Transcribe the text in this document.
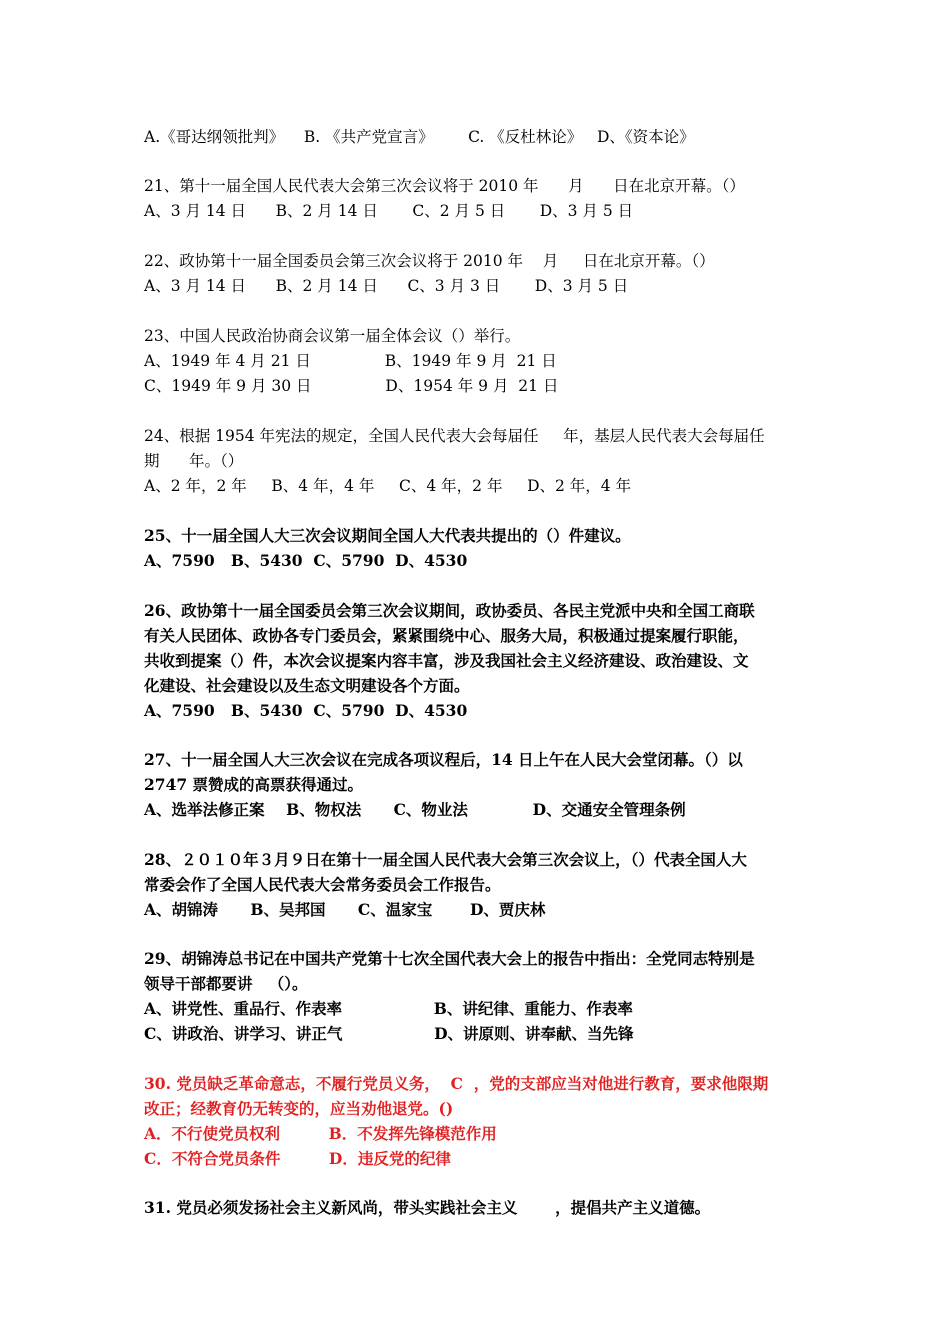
A.《哥达纲领批判》    B. 《共产党宣言》       C. 《反杜林论》   D、《资本论》
21、第十一届全国人民代表大会第三次会议将于 2010 年      月      日在北京开幕。（）
A、3 月 14 日      B、2 月 14 日       C、2 月 5 日       D、3 月 5 日
22、政协第十一届全国委员会第三次会议将于 2010 年    月     日在北京开幕。（）
A、3 月 14 日      B、2 月 14 日      C、3 月 3 日       D、3 月 5 日
23、中国人民政治协商会议第一届全体会议（）举行。
A、1949 年 4 月 21 日               B、1949 年 9 月  21 日
C、1949 年 9 月 30 日               D、1954 年 9 月  21 日
24、根据 1954 年宪法的规定，全国人民代表大会每届任     年，基层人民代表大会每届任
期      年。（）
A、2 年，2 年     B、4 年，4 年     C、4 年，2 年     D、2 年，4 年
25、十一届全国人大三次会议期间全国人大代表共提出的（）件建议。
A、7590   B、5430  C、5790  D、4530
26、政协第十一届全国委员会第三次会议期间，政协委员、各民主党派中央和全国工商联
有关人民团体、政协各专门委员会，紧紧围绕中心、服务大局，积极通过提案履行职能，
共收到提案（）件，本次会议提案内容丰富，涉及我国社会主义经济建设、政治建设、文
化建设、社会建设以及生态文明建设各个方面。
A、7590   B、5430  C、5790  D、4530
27、十一届全国人大三次会议在完成各项议程后，14 日上午在人民大会堂闭幕。（）以
2747 票赞成的高票获得通过。
A、选举法修正案    B、物权法      C、物业法            D、交通安全管理条例
28、２０１０年３月９日在第十一届全国人民代表大会第三次会议上，（）代表全国人大
常委会作了全国人民代表大会常务委员会工作报告。
A、胡锦涛      B、吴邦国      C、温家宝       D、贾庆林
29、胡锦涛总书记在中国共产党第十七次全国代表大会上的报告中指出：全党同志特别是
领导干部都要讲   （）。
A、讲党性、重品行、作表率                 B、讲纪律、重能力、作表率
C、讲政治、讲学习、讲正气                 D、讲原则、讲奉献、当先锋
30. 党员缺乏革命意志，不履行党员义务，  C  ，党的支部应当对他进行教育，要求他限期
改正；经教育仍无转变的，应当劝他退党。()
A．不行使党员权利         B．不发挥先锋模范作用
C．不符合党员条件         D．违反党的纪律
31. 党员必须发扬社会主义新风尚，带头实践社会主义       ，提倡共产主义道德。
